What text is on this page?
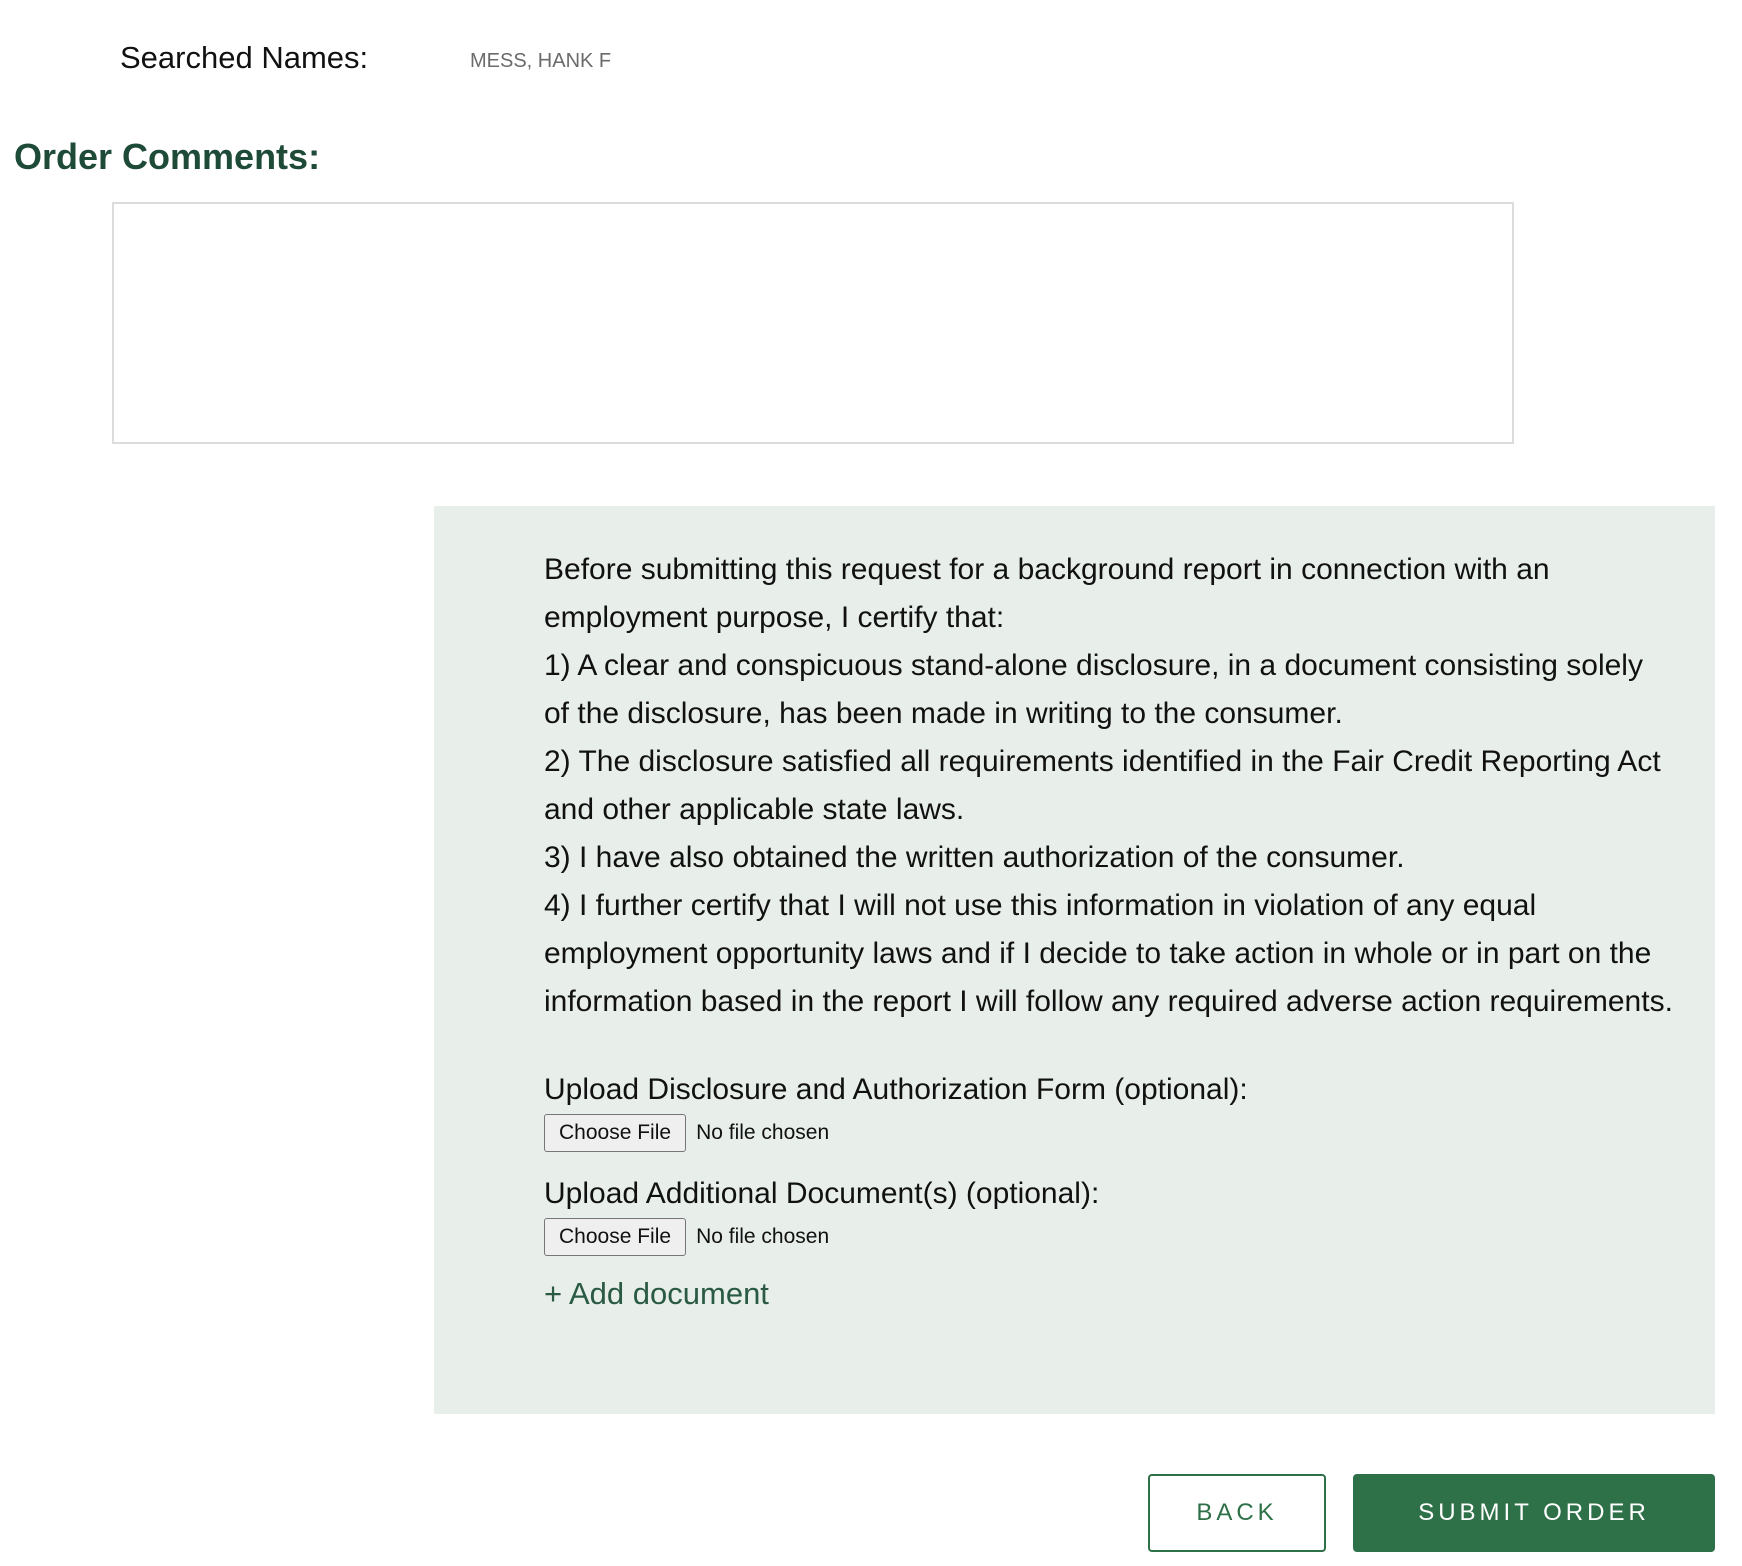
Searched Names:	MESS, HANK F
Order Comments:

Before submitting this request for a background report in connection with an employment purpose, I certify that:

1) A clear and conspicuous stand-alone disclosure, in a document consisting solely of the disclosure, has been made in writing to the consumer.

2) The disclosure satisfied all requirements identified in the Fair Credit Reporting Act and other applicable state laws.

3) I have also obtained the written authorization of the consumer.

4) I further certify that I will not use this information in violation of any equal employment opportunity laws and if I decide to take action in whole or in part on the information based in the report I will follow any required adverse action requirements.

Upload Disclosure and Authorization Form (optional):
Choose File	No file chosen
Upload Additional Document(s) (optional):
Choose File	No file chosen
+ Add document
BACK	SUBMIT ORDER
